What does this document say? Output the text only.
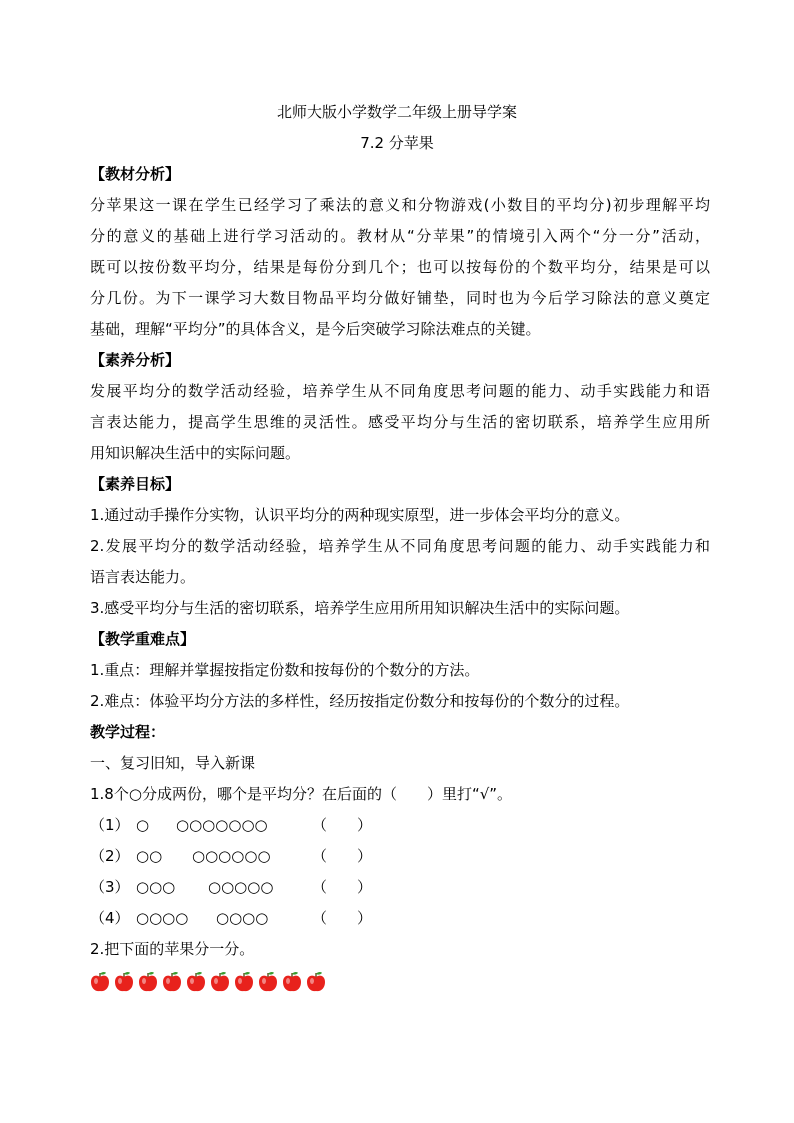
北师大版小学数学二年级上册导学案
7.2 分苹果
【教材分析】
分苹果这一课在学生已经学习了乘法的意义和分物游戏(小数目的平均分)初步理解平均
分的意义的基础上进行学习活动的。教材从“分苹果”的情境引入两个“分一分”活动，
既可以按份数平均分，结果是每份分到几个；也可以按每份的个数平均分，结果是可以
分几份。为下一课学习大数目物品平均分做好铺垫，同时也为今后学习除法的意义奠定
基础，理解“平均分”的具体含义，是今后突破学习除法难点的关键。
【素养分析】
发展平均分的数学活动经验，培养学生从不同角度思考问题的能力、动手实践能力和语
言表达能力，提高学生思维的灵活性。感受平均分与生活的密切联系，培养学生应用所
用知识解决生活中的实际问题。
【素养目标】
1.通过动手操作分实物，认识平均分的两种现实原型，进一步体会平均分的意义。
2.发展平均分的数学活动经验，培养学生从不同角度思考问题的能力、动手实践能力和
语言表达能力。
3.感受平均分与生活的密切联系，培养学生应用所用知识解决生活中的实际问题。
【教学重难点】
1.重点：理解并掌握按指定份数和按每份的个数分的方法。
2.难点：体验平均分方法的多样性，经历按指定份数分和按每份的个数分的过程。
教学过程：
一、复习旧知，导入新课
1.8个○分成两份，哪个是平均分？在后面的（　　）里打“√”。
（1） ○ ○○○○○○○	（　　）
（2） ○○ ○○○○○○	（　　）
（3） ○○○ ○○○○○	（　　）
（4） ○○○○ ○○○○	（　　）
2.把下面的苹果分一分。
